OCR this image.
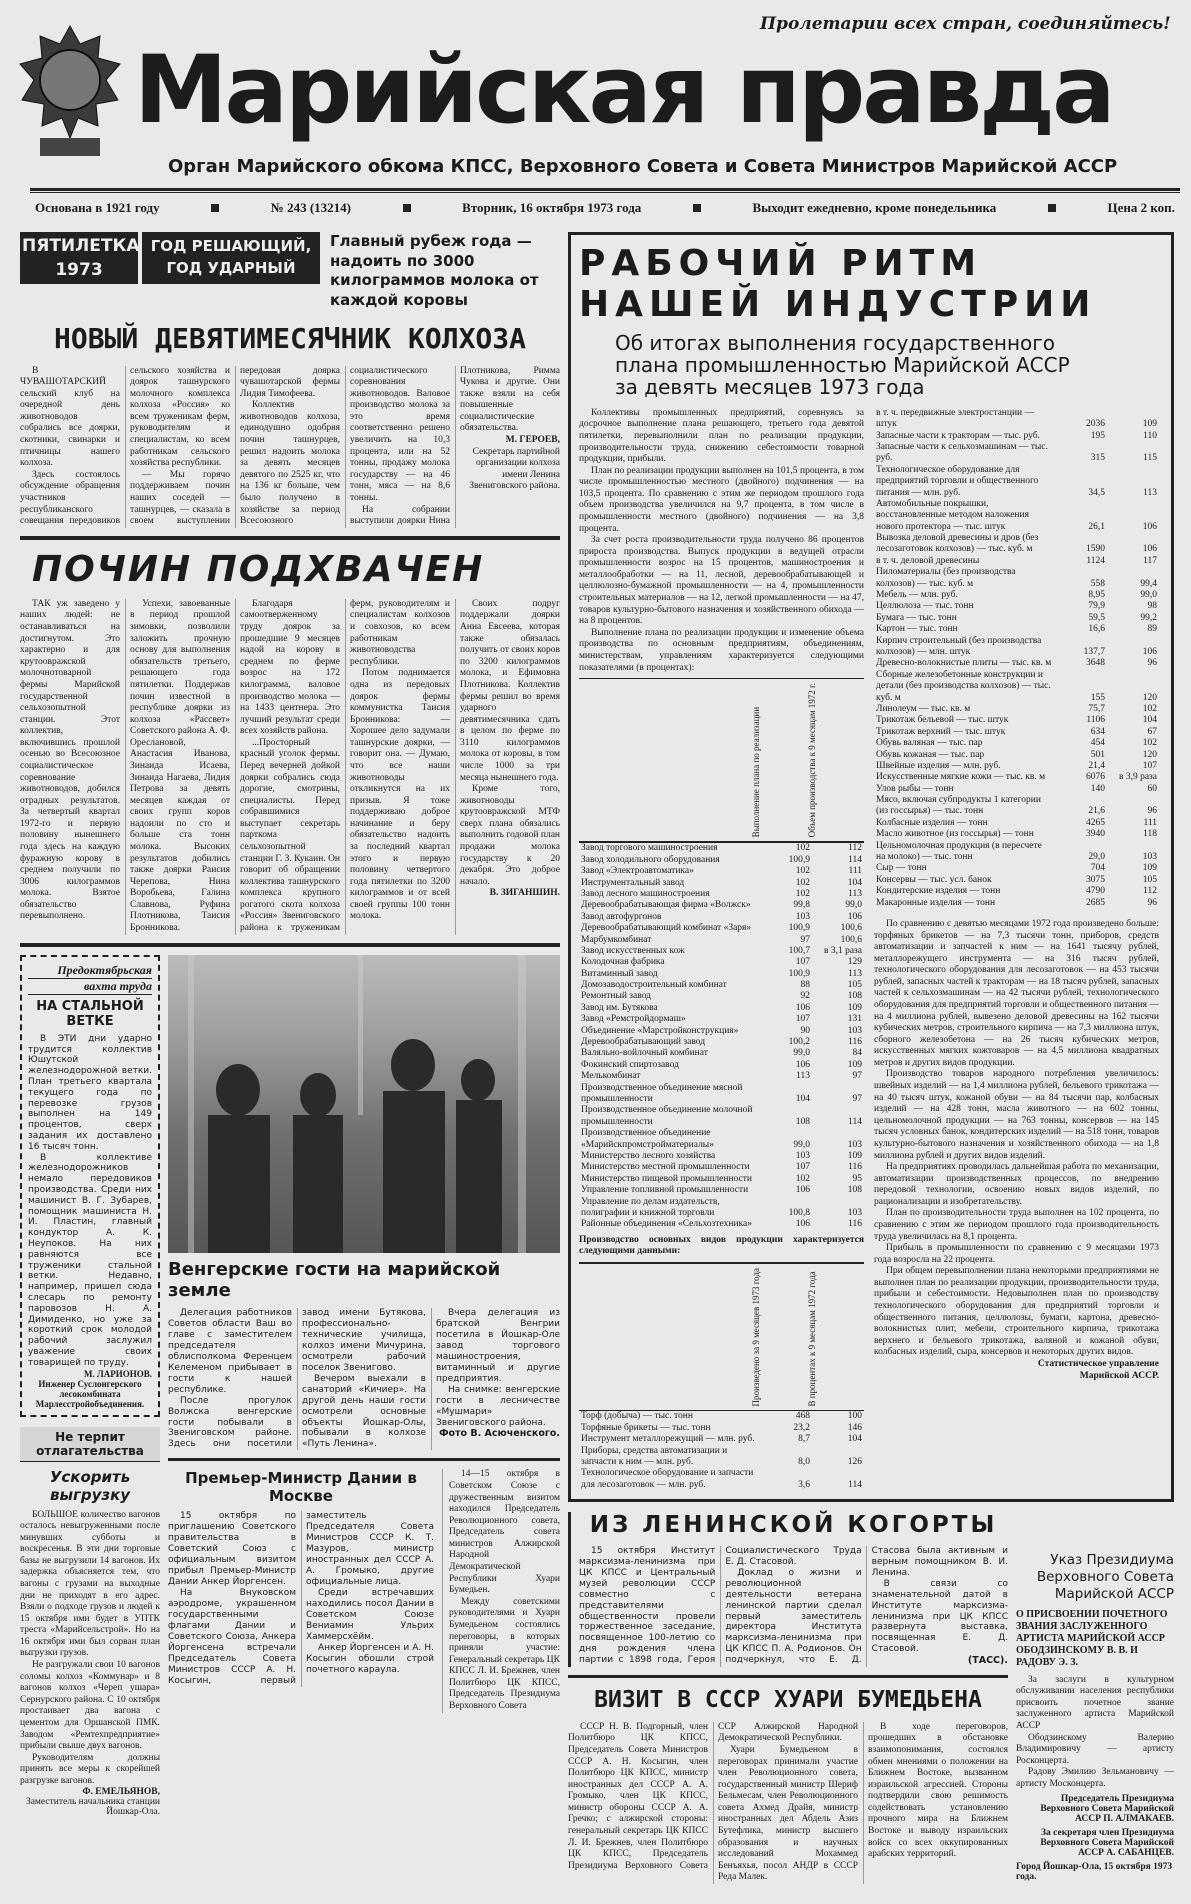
Пролетарии всех стран, соединяйтесь!
Марийская правда
Орган Марийского обкома КПСС, Верховного Совета и Совета Министров Марийской АССР
Основана в 1921 году	№ 243 (13214)	Вторник, 16 октября 1973 года	Выходит ежедневно, кроме понедельника	Цена 2 коп.
ПЯТИЛЕТКА 1973
ГОД РЕШАЮЩИЙ, ГОД УДАРНЫЙ
Главный рубеж года — надоить по 3000 килограммов молока от каждой коровы
НОВЫЙ ДЕВЯТИМЕСЯЧНИК КОЛХОЗА

В ЧУВАШОТАРСКИЙ сельский клуб на очередной день животноводов собрались все доярки, скотники, свинарки и птичницы нашего колхоза.

Здесь состоялось обсуждение обращения участников республиканского совещания передовиков сельского хозяйства и доярок ташнурского молочного комплекса колхоза «Россия» ко всем труженикам ферм, руководителям и специалистам, ко всем работникам сельского хозяйства республики.

— Мы горячо поддерживаем почин наших соседей — ташнурцев, — сказала в своем выступлении передовая доярка чувашотарской фермы Лидия Тимофеева.

Коллектив животноводов колхоза, единодушно одобряя почин ташнурцев, решил надоить молока за девять месяцев девятого по 2525 кг, что на 136 кг больше, чем было получено в хозяйстве за период Всесоюзного социалистического соревнования животноводов. Валовое производство молока за это время соответственно решено увеличить на 10,3 процента, или на 52 тонны, продажу молока государству — на 46 тонн, мяса — на 8,6 тонны.

На собрании выступили доярки Нина Плотникова, Римма Чукова и другие. Они также взяли на себя повышенные социалистические обязательства.

М. ГЕРОЕВ,
Секретарь партийной организации колхоза имени Ленина Звениговского района.
ПОЧИН ПОДХВАЧЕН

ТАК уж заведено у наших людей: не останавливаться на достигнутом. Это характерно и для крутоовражской молочнотоварной фермы Марийской государственной сельхозопытной станции. Этот коллектив, включившись прошлой осенью во Всесоюзное социалистическое соревнование животноводов, добился отрадных результатов. За четвертый квартал 1972-го и первую половину нынешнего года здесь на каждую фуражную корову в среднем получили по 3006 килограммов молока. Взятое обязательство перевыполнено.

Успехи, завоеванные в период прошлой зимовки, позволили заложить прочную основу для выполнения обязательств третьего, решающего года пятилетки. Поддержав почин известной в республике доярки из колхоза «Рассвет» Советского района А. Ф. Ореслановой, Анастасия Иванова, Зинаида Исаева, Зинаида Нагаева, Лидия Петрова за девять месяцев каждая от своих групп коров надоили по сто и больше ста тонн молока. Высоких результатов добились также доярки Раисия Черепова, Нина Воробьева, Галина Славнова, Руфина Плотникова, Таисия Бронникова.

Благодаря самоотверженному труду доярок за прошедшие 9 месяцев надой на корову в среднем по ферме возрос на 172 килограмма, валовое производство молока — на 1433 центнера. Это лучший результат среди всех хозяйств района.

...Просторный красный уголок фермы. Перед вечерней дойкой доярки собрались сюда дорогие, смотрины, специалисты. Перед собравшимися выступает секретарь парткома сельхозопытной станции Г. З. Кукаин. Он говорит об обращении коллектива ташнурского комплекса крупного рогатого скота колхоза «Россия» Звениговского района к труженикам ферм, руководителям и специалистам колхозов и совхозов, ко всем работникам животноводства республики.

Потом поднимается одна из передовых доярок фермы коммунистка Таисия Бронникова: — Хорошее дело задумали ташнурские доярки, — говорит она. — Думаю, что все наши животноводы откликнутся на их призыв. Я тоже поддерживаю доброе начинание и беру обязательство надоить за последний квартал этого и первую половину четвертого года пятилетки по 3200 килограммов и от всей своей группы 100 тонн молока.

Своих подруг поддержали доярки Анна Евсеева, которая также обязалась получить от своих коров по 3200 килограммов молока, и Ефимовна Плотникова. Коллектив фермы решил во время ударного девятимесячника сдать в целом по ферме по 3110 килограммов молока от коровы, в том числе 1000 за три месяца нынешнего года.

Кроме того, животноводы крутоовражской МТФ сверх плана обязались выполнить годовой план продажи молока государству к 20 декабря. Это доброе начало.

В. ЗИГАНШИН.
Предоктябрьская
вахта труда
НА СТАЛЬНОЙ ВЕТКЕ

В ЭТИ дни ударно трудится коллектив Юшутской железнодорожной ветки. План третьего квартала текущего года по перевозке грузов выполнен на 149 процентов, сверх задания их доставлено 16 тысяч тонн.

В коллективе железнодорожников немало передовиков производства. Среди них машинист В. Г. Зубарев, помощник машиниста Н. И. Пластин, главный кондуктор А. К. Неупоков. На них равняются все труженики стальной ветки. Недавно, например, пришел сюда слесарь по ремонту паровозов Н. А. Димиденко, но уже за короткий срок молодой рабочий заслужил уважение своих товарищей по труду.

М. ЛАРИОНОВ.
Инженер Суслонгерского лесокомбината Марлесстройобъединения.
Не терпит
отлагательства
Ускорить выгрузку

БОЛЬШОЕ количество вагонов осталось невыгруженными после минувших субботы и воскресенья. В эти дни торговые базы не выгрузили 14 вагонов. Их задержка объясняется тем, что вагоны с грузами на выходные дни не приходят в его адрес. Взяли о подходе грузов и людей к 15 октября ими будет в УПТК треста «Марийсельстрой». Но на 16 октября ими был сорван план выгрузки грузов.

Не разгружали свои 10 вагонов соломы колхоз «Коммунар» и 8 вагонов колхоз «Череп ушара» Сернурского района. С 10 октября простаивает два вагона с цементом для Оршанской ПМК. Заводом «Ремтехпредприятие» прибыли свыше двух вагонов.

Руководителям должны принять все меры к скорейшей разгрузке вагонов.

Ф. ЕМЕЛЬЯНОВ,
Заместитель начальника станции Йошкар-Ола.
Венгерские гости на марийской земле

Делегация работников Советов области Ваш во главе с заместителем председателя облисполкома Ференцем Келеменом прибывает в гости к нашей республике.

После прогулок Волжска венгерские гости побывали в Звениговском районе. Здесь они посетили завод имени Бутякова, профессионально-технические училища, колхоз имени Мичурина, осмотрели рабочий поселок Звенигово.

Вечером выехали в санаторий «Кичиер». На другой день наши гости осмотрели основные объекты Йошкар-Олы, побывали в колхозе «Путь Ленина».

Вчера делегация из братской Венгрии посетила в Йошкар-Оле завод торгового машиностроения, витаминный и другие предприятия.

На снимке: венгерские гости в лесничестве «Мушмари» Звениговского района.

Фото В. Асюченского.
Премьер-Министр Дании в Москве

15 октября по приглашению Советского правительства в Советский Союз с официальным визитом прибыл Премьер-Министр Дании Анкер Йоргенсен.

На Внуковском аэродроме, украшенном государственными флагами Дании и Советского Союза, Анкера Йоргенсена встречали Председатель Совета Министров СССР А. Н. Косыгин, первый заместитель Председателя Совета Министров СССР К. Т. Мазуров, министр иностранных дел СССР А. А. Громыко, другие официальные лица.

Среди встречавших находились посол Дании в Советском Союзе Вениамин Ульрих Хаммерсхёйм.

Анкер Йоргенсен и А. Н. Косыгин обошли строй почетного караула.

14—15 октября в Советском Союзе с дружественным визитом находился Председатель Революционного совета, Председатель совета министров Алжирской Народной Демократической Республики Хуари Бумедьен.

Между советскими руководителями и Хуари Бумедьеном состоялись переговоры, в которых приняли участие: Генеральный секретарь ЦК КПСС Л. И. Брежнев, член Политбюро ЦК КПСС, Председатель Президиума Верховного Совета

РАБОЧИЙ РИТМ
НАШЕЙ ИНДУСТРИИ
Об итогах выполнения государственного плана промышленностью Марийской АССР за девять месяцев 1973 года

Коллективы промышленных предприятий, соревнуясь за досрочное выполнение плана решающего, третьего года девятой пятилетки, перевыполнили план по реализации продукции, производительности труда, снижению себестоимости товарной продукции, прибыли.

План по реализации продукции выполнен на 101,5 процента, в том числе промышленностью местного (двойного) подчинения — на 103,5 процента. По сравнению с этим же периодом прошлого года объем производства увеличился на 9,7 процента, в том числе в промышленности местного (двойного) подчинения — на 3,8 процента.

За счет роста производительности труда получено 86 процентов прироста производства. Выпуск продукции в ведущей отрасли промышленности возрос на 15 процентов, машиностроения и металлообработки — на 11, лесной, деревообрабатывающей и целлюлозно-бумажной промышленности — на 4, промышленности строительных материалов — на 12, легкой промышленности — на 47, товаров культурно-бытового назначения и хозяйственного обихода — на 8 процентов.

Выполнение плана по реализации продукции и изменение объема производства по основным предприятиям, объединениям, министерствам, управлениям характеризуется следующими показателями (в процентах):

Выполнение плана по реализации	Объем производства к 9 месяцам 1972 г.
Завод торгового машиностроения	102	112
Завод холодильного оборудования	100,9	114
Завод «Электроавтоматика»	102	111
Инструментальный завод	102	104
Завод лесного машиностроения	102	113
Деревообрабатывающая фирма «Волжск»	99,8	99,0
Завод автофургонов	103	106
Деревообрабатывающий комбинат «Заря»	100,9	100,6
Марбумкомбинат	97	100,6
Завод искусственных кож	100,7	в 3,1 раза
Колодочная фабрика	107	129
Витаминный завод	100,9	113
Домозаводостроительный комбинат	88	105
Ремонтный завод	92	108
Завод им. Бутякова	106	109
Завод «Ремстройдормаш»	107	131
Объединение «Марстройконструкция»	90	103
Деревообрабатывающий завод	100,2	116
Валяльно-войлочный комбинат	99,0	84
Фокинский спиртозавод	106	109
Мелькомбинат	113	97
Производственное объединение мясной промышленности	104	97
Производственное объединение молочной промышленности	108	114
Производственное объединение «Марийскпромстройматериалы»	99,0	103
Министерство лесного хозяйства	103	109
Министерство местной промышленности	107	116
Министерство пищевой промышленности	102	95
Управление топливной промышленности	106	108
Управление по делам издательств, полиграфии и книжной торговли	100,8	103
Районные объединения «Сельхозтехника»	106	116
Производство основных видов продукции характеризуется следующими данными:
Произведено за 9 месяцев 1973 года	В процентах к 9 месяцам 1972 года
Торф (добыча) — тыс. тонн	468	100
Торфяные брикеты — тыс. тонн	23,2	146
Инструмент металлорежущий — млн. руб.	8,7	104
Приборы, средства автоматизации и запчасти к ним — млн. руб.	8,0	126
Технологическое оборудование и запчасти для лесозаготовок — млн. руб.	3,6	114
в т. ч. передвижные электростанции — штук	2036	109
Запасные части к тракторам — тыс. руб.	195	110
Запасные части к сельхозмашинам — тыс. руб.	315	115
Технологическое оборудование для предприятий торговли и общественного питания — млн. руб.	34,5	113
Автомобильные покрышки, восстановленные методом наложения нового протектора — тыс. штук	26,1	106
Вывозка деловой древесины и дров (без лесозаготовок колхозов) — тыс. куб. м	1590	106
в т. ч. деловой древесины	1124	117
Пиломатериалы (без производства колхозов) — тыс. куб. м	558	99,4
Мебель — млн. руб.	8,95	99,0
Целлюлоза — тыс. тонн	79,9	98
Бумага — тыс. тонн	59,5	99,2
Картон — тыс. тонн	16,6	89
Кирпич строительный (без производства колхозов) — млн. штук	137,7	106
Древесно-волокнистые плиты — тыс. кв. м	3648	96
Сборные железобетонные конструкции и детали (без производства колхозов) — тыс. куб. м	155	120
Линолеум — тыс. кв. м	75,7	102
Трикотаж бельевой — тыс. штук	1106	104
Трикотаж верхний — тыс. штук	634	67
Обувь валяная — тыс. пар	454	102
Обувь кожаная — тыс. пар	501	120
Швейные изделия — млн. руб.	21,4	107
Искусственные мягкие кожи — тыс. кв. м	6076	в 3,9 раза
Улов рыбы — тонн	140	60
Мясо, включая субпродукты 1 категории (из госсырья) — тыс. тонн	21,6	96
Колбасные изделия — тонн	4265	111
Масло животное (из госсырья) — тонн	3940	118
Цельномолочная продукция (в пересчете на молоко) — тыс. тонн	29,0	103
Сыр — тонн	704	109
Консервы — тыс. усл. банок	3075	105
Кондитерские изделия — тонн	4790	112
Макаронные изделия — тонн	2685	96

По сравнению с девятью месяцами 1972 года произведено больше: торфяных брикетов — на 7,3 тысячи тонн, приборов, средств автоматизации и запчастей к ним — на 1641 тысячу рублей, металлорежущего инструмента — на 316 тысяч рублей, технологического оборудования для лесозаготовок — на 453 тысячи рублей, запасных частей к тракторам — на 18 тысяч рублей, запасных частей к сельхозмашинам — на 42 тысячи рублей, технологического оборудования для предприятий торговли и общественного питания — на 4 миллиона рублей, вывезено деловой древесины на 162 тысячи кубических метров, строительного кирпича — на 7,3 миллиона штук, сборного железобетона — на 26 тысяч кубических метров, искусственных мягких кожтоваров — на 4,5 миллиона квадратных метров и других видов продукции.

Производство товаров народного потребления увеличилось: швейных изделий — на 1,4 миллиона рублей, бельевого трикотажа — на 40 тысяч штук, кожаной обуви — на 84 тысячи пар, колбасных изделий — на 428 тонн, масла животного — на 602 тонны, цельномолочной продукции — на 763 тонны, консервов — на 145 тысяч условных банок, кондитерских изделий — на 518 тонн, товаров культурно-бытового назначения и хозяйственного обихода — на 1,8 миллиона рублей и других видов изделий.

На предприятиях проводилась дальнейшая работа по механизации, автоматизации производственных процессов, по внедрению передовой технологии, освоению новых видов изделий, по рационализации и изобретательству.

План по производительности труда выполнен на 102 процента, по сравнению с этим же периодом прошлого года производительность труда увеличилась на 8,1 процента.

Прибыль в промышленности по сравнению с 9 месяцами 1973 года возросла на 22 процента.

При общем перевыполнении плана некоторыми предприятиями не выполнен план по реализации продукции, производительности труда, прибыли и себестоимости. Недовыполнен план по производству технологического оборудования для предприятий торговли и общественного питания, целлюлозы, бумаги, картона, древесно-волокнистых плит, мебели, строительного кирпича, трикотажа верхнего и бельевого трикотажа, валяной и кожаной обуви, колбасных изделий, сыра, консервов и некоторых других видов.

Статистическое управление
Марийской АССР.
ИЗ ЛЕНИНСКОЙ КОГОРТЫ

15 октября Институт марксизма-ленинизма при ЦК КПСС и Центральный музей революции СССР совместно с представителями общественности провели торжественное заседание, посвященное 100-летию со дня рождения члена партии с 1898 года, Героя Социалистического Труда Е. Д. Стасовой.

Доклад о жизни и революционной деятельности ветерана ленинской партии сделал первый заместитель директора Института марксизма-ленинизма при ЦК КПСС П. А. Родионов. Он подчеркнул, что Е. Д. Стасова была активным и верным помощником В. И. Ленина.

В связи со знаменательной датой в Институте марксизма-ленинизма при ЦК КПСС развернута выставка, посвященная Е. Д. Стасовой.

(ТАСС).
ВИЗИТ В СССР ХУАРИ БУМЕДЬЕНА

СССР Н. В. Подгорный, член Политбюро ЦК КПСС, Председатель Совета Министров СССР А. Н. Косыгин, член Политбюро ЦК КПСС, министр иностранных дел СССР А. А. Громыко, член ЦК КПСС, министр обороны СССР А. А. Гречко; с алжирской стороны: генеральный секретарь ЦК КПСС Л. И. Брежнев, член Политбюро ЦК КПСС, Председатель Президиума Верховного Совета ССР Алжирской Народной Демократической Республики.

Хуари Бумедьеном в переговорах принимали участие член Революционного совета, государственный министр Шериф Бельмесам, член Революционного совета Ахмед Драйя, министр иностранных дел Абдель Азиз Бутефлика, министр высшего образования и научных исследований Мохаммед Бенъяхья, посол АНДР в СССР Реда Малек.

В ходе переговоров, прошедших в обстановке взаимопонимания, состоялся обмен мнениями о положении на Ближнем Востоке, вызванном израильской агрессией. Стороны подтвердили свою решимость содействовать установлению прочного мира на Ближнем Востоке и выводу израильских войск со всех оккупированных арабских территорий.

Указ Президиума Верховного Совета Марийской АССР
О ПРИСВОЕНИИ ПОЧЕТНОГО ЗВАНИЯ ЗАСЛУЖЕННОГО АРТИСТА МАРИЙСКОЙ АССР ОБОДЗИНСКОМУ В. В. И РАДОВУ Э. З.

За заслуги в культурном обслуживании населения республики присвоить почетное звание заслуженного артиста Марийской АССР

Ободзинскому Валерию Владимировичу — артисту Росконцерта.

Радову Эмилию Зельмановичу — артисту Москонцерта.

Председатель Президиума Верховного Совета Марийской АССР П. АЛМАКАЕВ.
За секретаря член Президиума Верховного Совета Марийской АССР А. САБАНЦЕВ.
Город Йошкар-Ола, 15 октября 1973 года.
